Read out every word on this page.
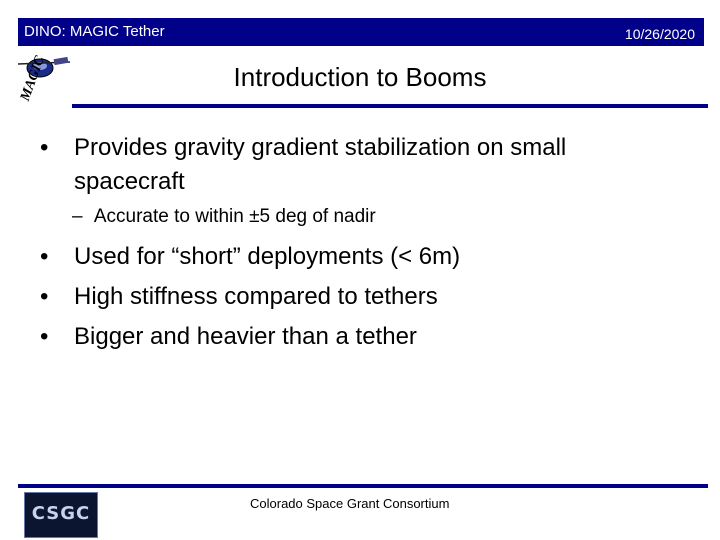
DINO: MAGIC Tether	10/26/2020
MAGIC	Introduction to Booms
• Provides gravity gradient stabilization on small spacecraft
– Accurate to within ±5 deg of nadir
• Used for “short” deployments (< 6m)
• High stiffness compared to tethers
• Bigger and heavier than a tether
CSGC	Colorado Space Grant Consortium
